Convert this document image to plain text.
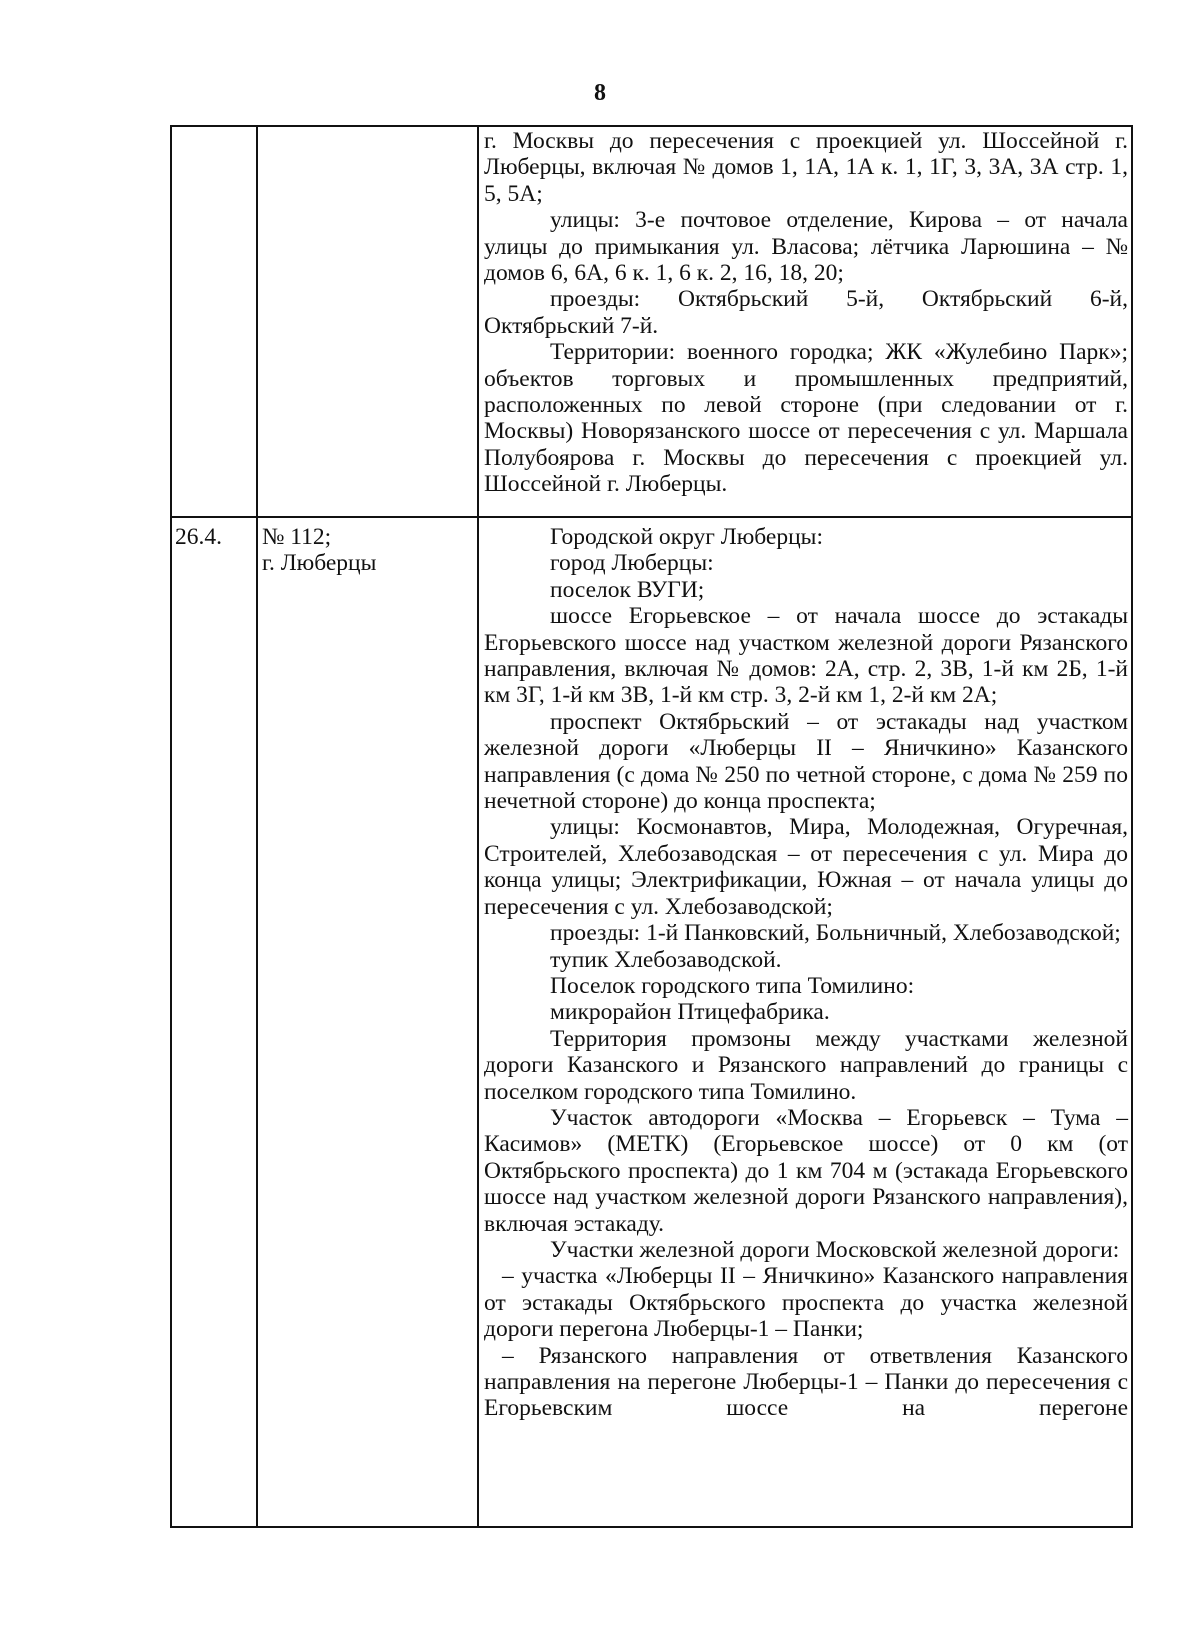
8

г. Москвы до пересечения с проекцией ул. Шоссейной г. Люберцы, включая № домов 1, 1А, 1А к. 1, 1Г, 3, 3А, 3А стр. 1, 5, 5А;

улицы: 3-е почтовое отделение, Кирова – от начала улицы до примыкания ул. Власова; лётчика Ларюшина – № домов 6, 6А, 6 к. 1, 6 к. 2, 16, 18, 20;

проезды: Октябрьский 5-й, Октябрьский 6-й, Октябрьский 7-й.

Территории: военного городка; ЖК «Жулебино Парк»; объектов торговых и промышленных предприятий, расположенных по левой стороне (при следовании от г. Москвы) Новорязанского шоссе от пересечения с ул. Маршала Полубоярова г. Москвы до пересечения с проекцией ул. Шоссейной г. Люберцы.

26.4.	№ 112;
г. Люберцы

Городской округ Люберцы:

город Люберцы:

поселок ВУГИ;

шоссе Егорьевское – от начала шоссе до эстакады Егорьевского шоссе над участком железной дороги Рязанского направления, включая № домов: 2А, стр. 2, 3В, 1-й км 2Б, 1-й км 3Г, 1-й км 3В, 1-й км стр. 3, 2-й км 1, 2-й км 2А;

проспект Октябрьский – от эстакады над участком железной дороги «Люберцы II – Яничкино» Казанского направления (с дома № 250 по четной стороне, с дома № 259 по нечетной стороне) до конца проспекта;

улицы: Космонавтов, Мира, Молодежная, Огуречная, Строителей, Хлебозаводская – от пересечения с ул. Мира до конца улицы; Электрификации, Южная – от начала улицы до пересечения с ул. Хлебозаводской;

проезды: 1-й Панковский, Больничный, Хлебозаводской;

тупик Хлебозаводской.

Поселок городского типа Томилино:

микрорайон Птицефабрика.

Территория промзоны между участками железной дороги Казанского и Рязанского направлений до границы с поселком городского типа Томилино.

Участок автодороги «Москва – Егорьевск – Тума – Касимов» (МЕТК) (Егорьевское шоссе) от 0 км (от Октябрьского проспекта) до 1 км 704 м (эстакада Егорьевского шоссе над участком железной дороги Рязанского направления), включая эстакаду.

Участки железной дороги Московской железной дороги:

– участка «Люберцы II – Яничкино» Казанского направления от эстакады Октябрьского проспекта до участка железной дороги перегона Люберцы-1 – Панки;

– Рязанского направления от ответвления Казанского направления на перегоне Люберцы-1 – Панки до пересечения с Егорьевским шоссе на перегоне
